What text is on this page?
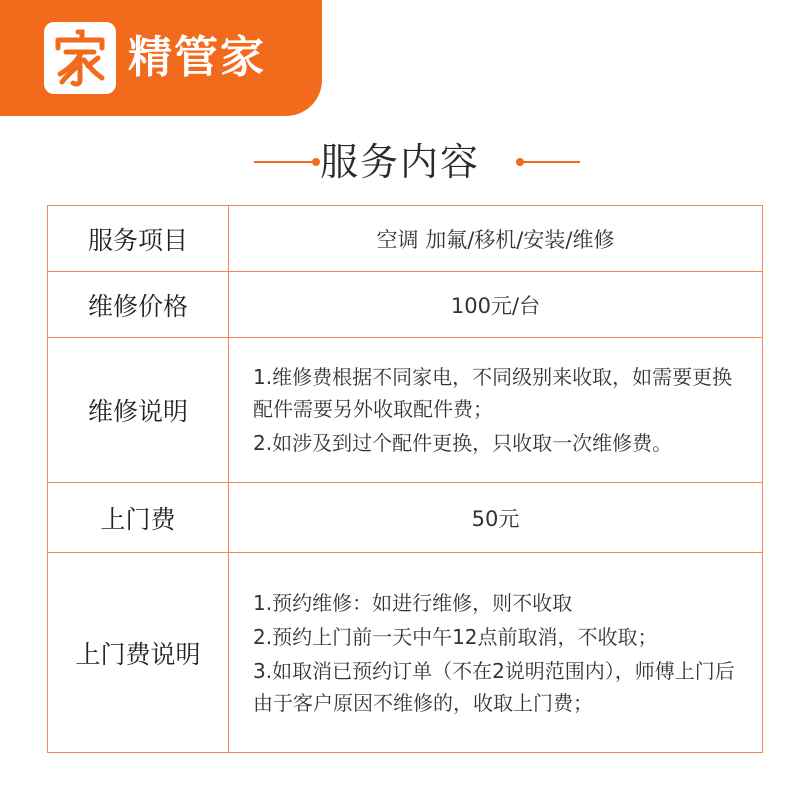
精管家
服务内容
服务项目	空调 加氟/移机/安装/维修
维修价格	100元/台
维修说明	1.维修费根据不同家电，不同级别来收取，如需要更换配件需要另外收取配件费；
2.如涉及到过个配件更换，只收取一次维修费。

上门费	50元
上门费说明	1.预约维修：如进行维修，则不收取
2.预约上门前一天中午12点前取消，不收取；
3.如取消已预约订单（不在2说明范围内），师傅上门后由于客户原因不维修的，收取上门费；
